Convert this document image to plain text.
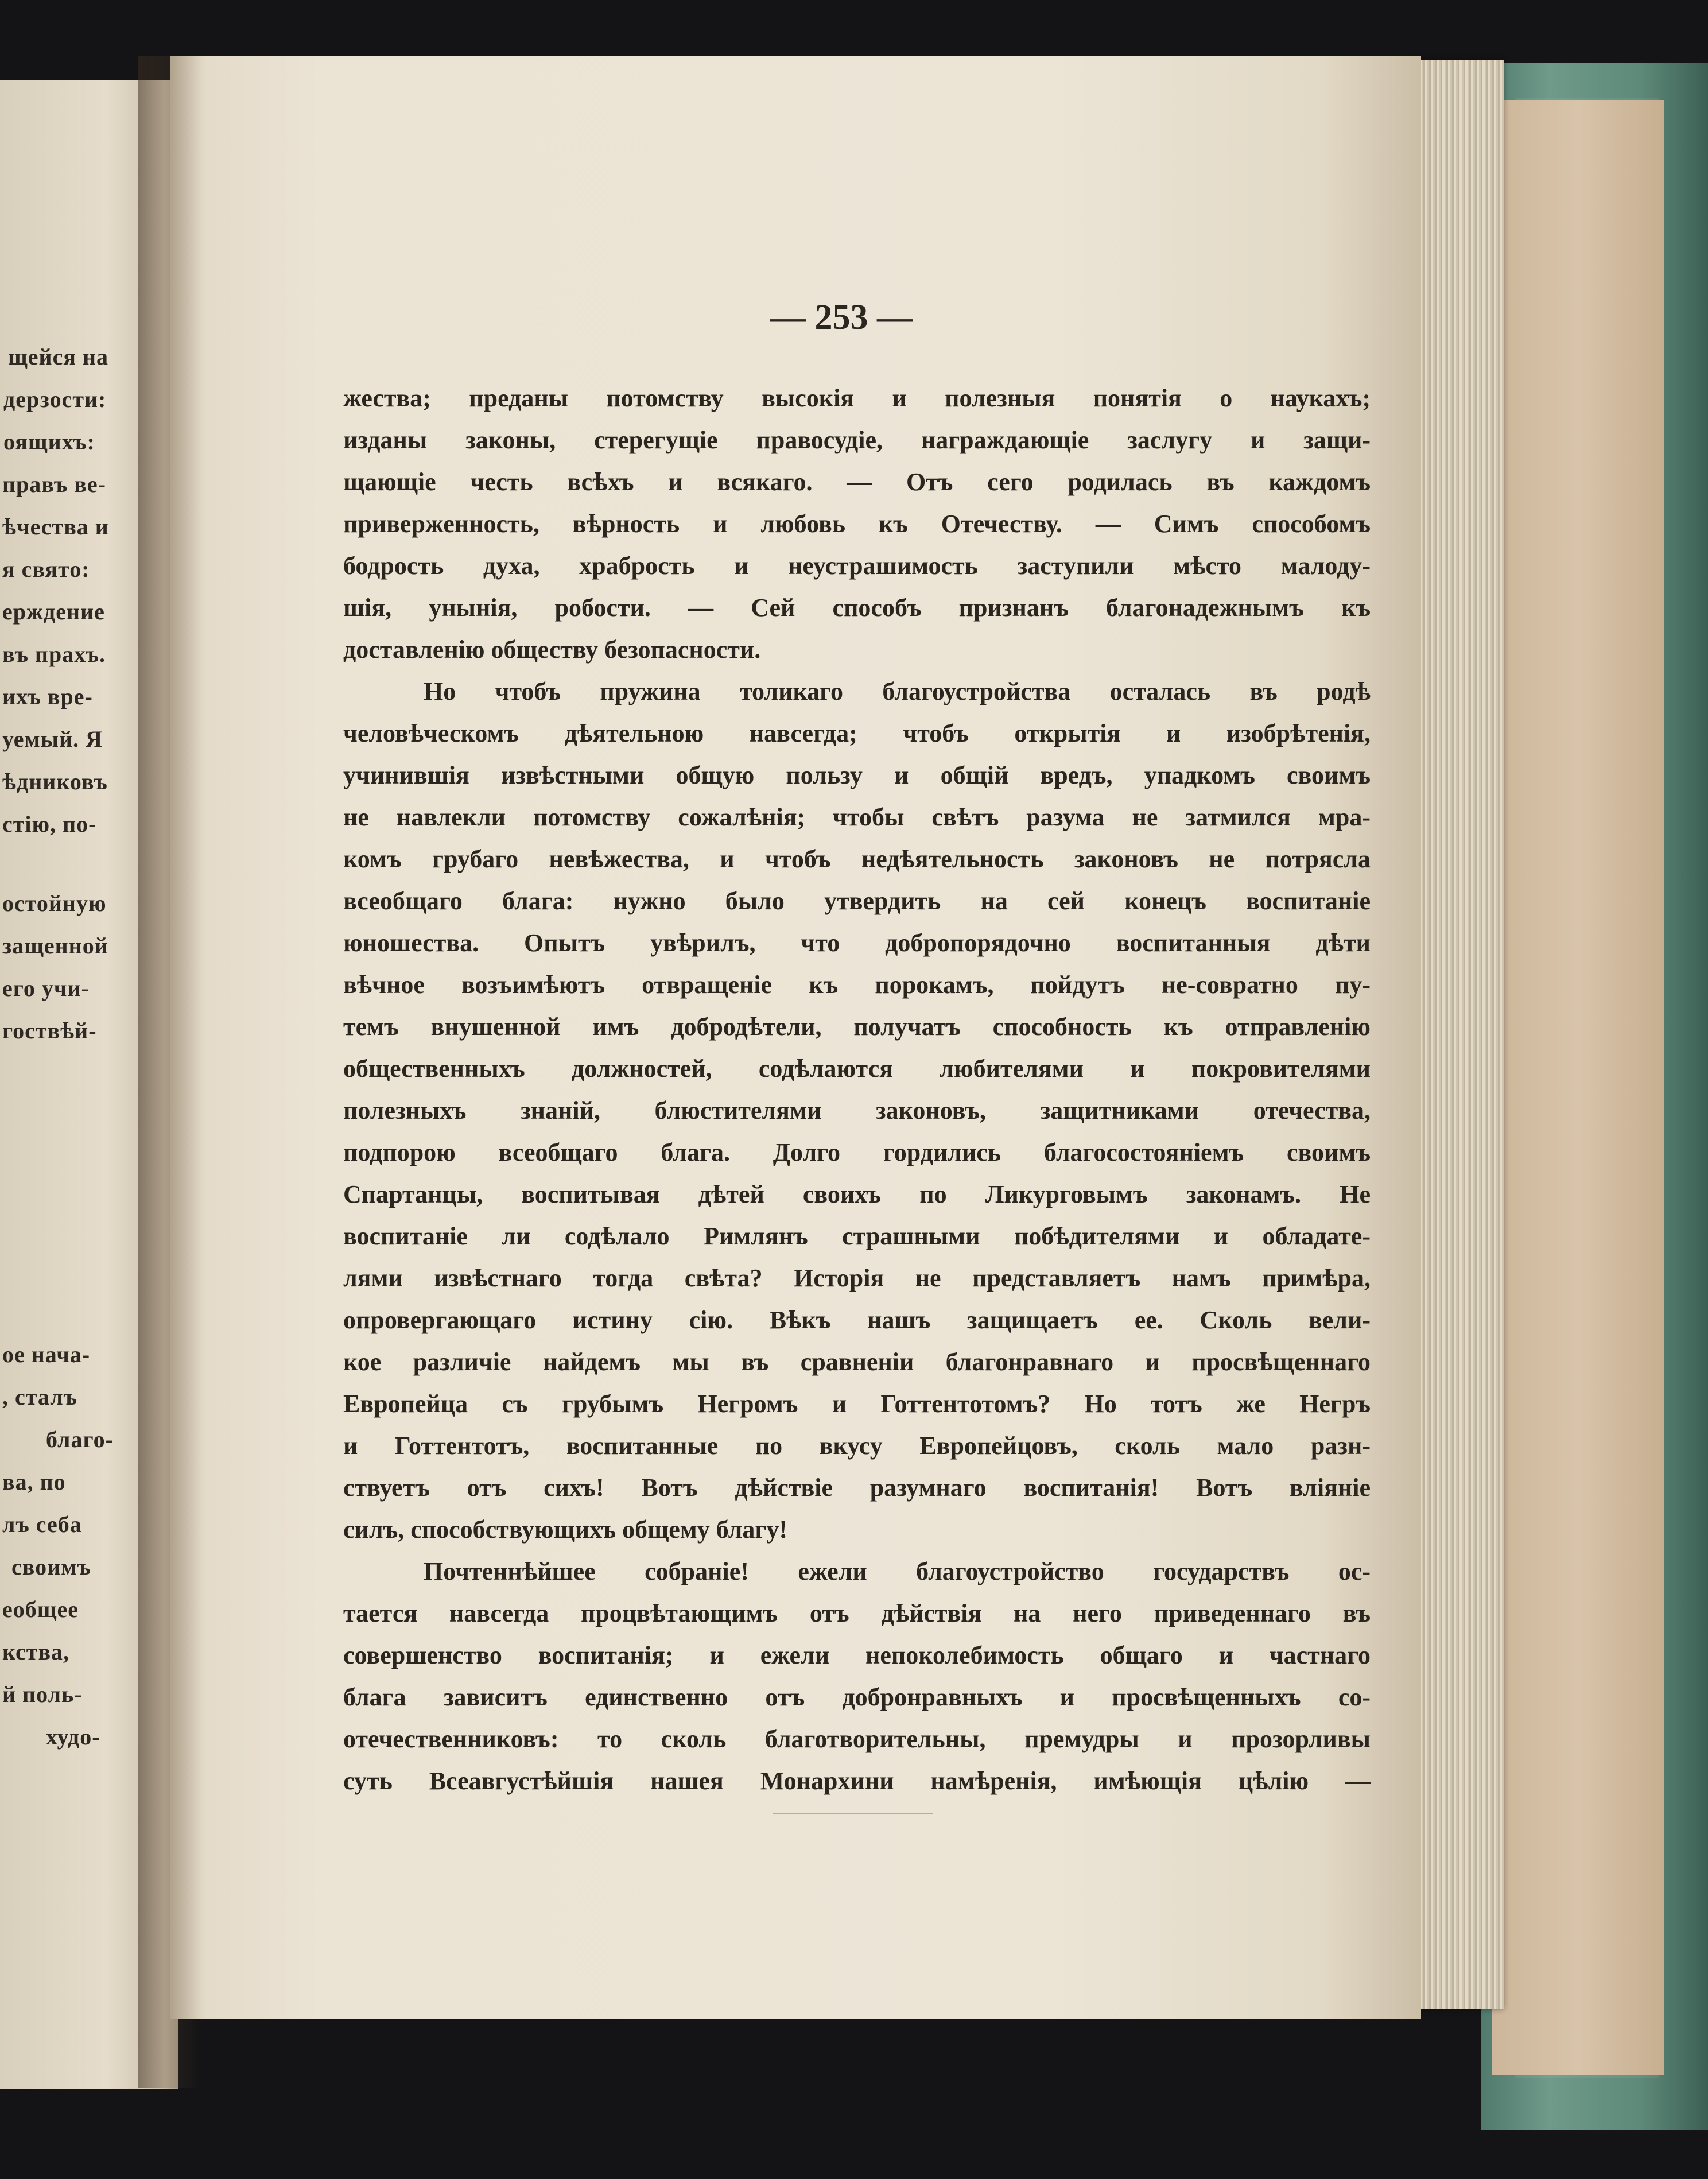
щейся на
дерзости:
оящихъ:
правъ ве-
ѣчества и
я свято:
ерждение
въ прахъ.
ихъ вре-
уемый. Я
ѣдниковъ
стію, по-
остойную
защенной
его учи-
гоствѣй-
ое нача-
, сталъ
благо-
ва, по
лъ себа
своимъ
еобщее
кства,
й поль-
худо-
— 253 —
жества; преданы потомству высокія и полезныя понятія о наукахъ;
изданы законы, стерегущіе правосудіе, награждающіе заслугу и защи-
щающіе честь всѣхъ и всякаго. — Отъ сего родилась въ каждомъ
приверженность, вѣрность и любовь къ Отечеству. — Симъ способомъ
бодрость духа, храбрость и неустрашимость заступили мѣсто малоду-
шія, унынія, робости. — Сей способъ признанъ благонадежнымъ къ
доставленію обществу безопасности.
Но чтобъ пружина толикаго благоустройства осталась въ родѣ
человѣческомъ дѣятельною навсегда; чтобъ открытія и изобрѣтенія,
учинившія извѣстными общую пользу и общій вредъ, упадкомъ своимъ
не навлекли потомству сожалѣнія; чтобы свѣтъ разума не затмился мра-
комъ грубаго невѣжества, и чтобъ недѣятельность законовъ не потрясла
всеобщаго блага: нужно было утвердить на сей конецъ воспитаніе
юношества. Опытъ увѣрилъ, что добропорядочно воспитанныя дѣти
вѣчное возъимѣютъ отвращеніе къ порокамъ, пойдутъ не-совратно пу-
темъ внушенной имъ добродѣтели, получатъ способность къ отправленію
общественныхъ должностей, содѣлаются любителями и покровителями
полезныхъ знаній, блюстителями законовъ, защитниками отечества,
подпорою всеобщаго блага. Долго гордились благосостояніемъ своимъ
Спартанцы, воспитывая дѣтей своихъ по Ликурговымъ законамъ. Не
воспитаніе ли содѣлало Римлянъ страшными побѣдителями и обладате-
лями извѣстнаго тогда свѣта? Исторія не представляетъ намъ примѣра,
опровергающаго истину сію. Вѣкъ нашъ защищаетъ ее. Сколь вели-
кое различіе найдемъ мы въ сравненіи благонравнаго и просвѣщеннаго
Европейца съ грубымъ Негромъ и Готтентотомъ? Но тотъ же Негръ
и Готтентотъ, воспитанные по вкусу Европейцовъ, сколь мало разн-
ствуетъ отъ сихъ! Вотъ дѣйствіе разумнаго воспитанія! Вотъ вліяніе
силъ, способствующихъ общему благу!
Почтеннѣйшее собраніе! ежели благоустройство государствъ ос-
тается навсегда процвѣтающимъ отъ дѣйствія на него приведеннаго въ
совершенство воспитанія; и ежели непоколебимость общаго и частнаго
блага зависитъ единственно отъ добронравныхъ и просвѣщенныхъ со-
отечественниковъ: то сколь благотворительны, премудры и прозорливы
суть Всеавгустѣйшія нашея Монархини намѣренія, имѣющія цѣлію —
